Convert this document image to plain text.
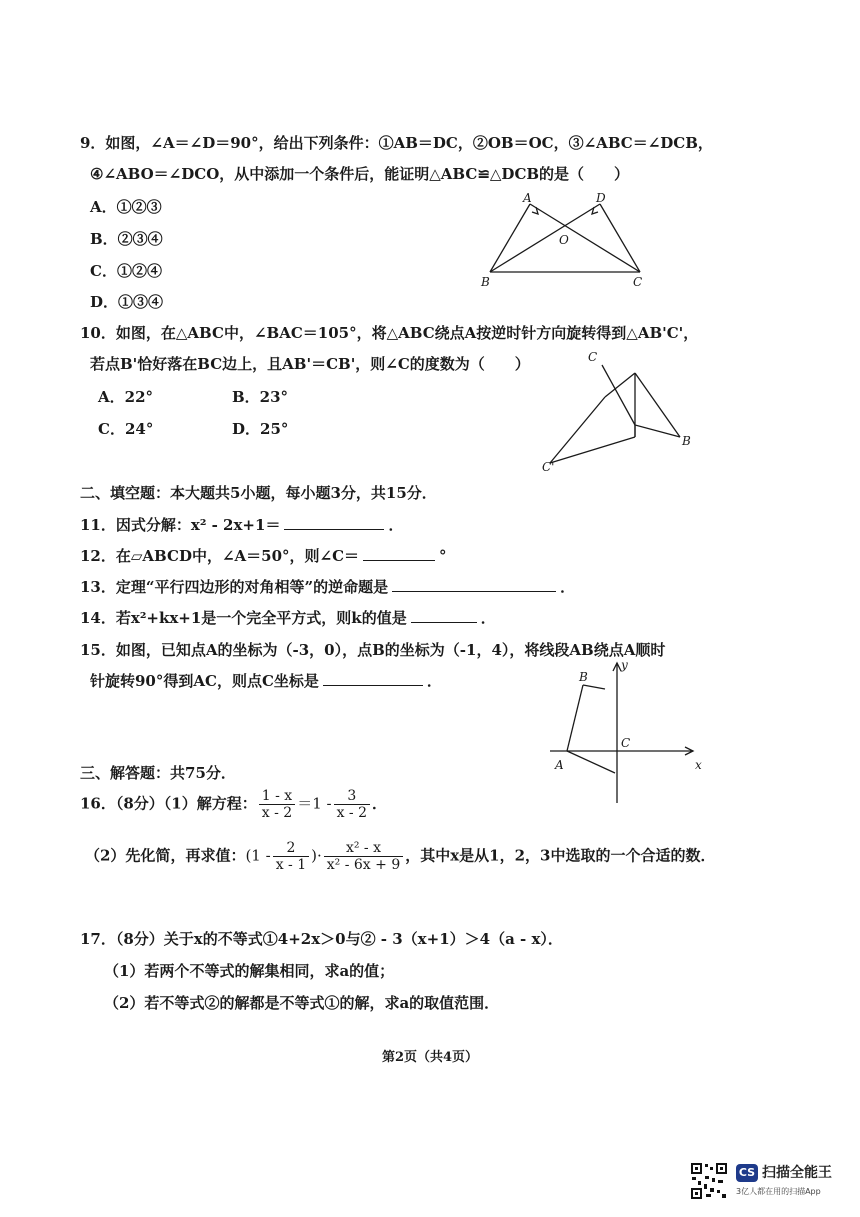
9．如图，∠A＝∠D＝90°，给出下列条件：①AB＝DC，②OB＝OC，③∠ABC＝∠DCB，
④∠ABO＝∠DCO，从中添加一个条件后，能证明△ABC≌△DCB的是（　　）
A．①②③
B．②③④
C．①②④
D．①③④
A	D
O
B	C
10．如图，在△ABC中，∠BAC＝105°，将△ABC绕点A按逆时针方向旋转得到△AB'C'，
若点B'恰好落在BC边上，且AB'＝CB'，则∠C的度数为（　　）
A．22°	B．23°
C．24°	D．25°
C
B
C'
二、填空题：本大题共5小题，每小题3分，共15分．
11．因式分解：x² - 2x+1＝	．
12．在▱ABCD中，∠A＝50°，则∠C＝	°
13．定理“平行四边形的对角相等”的逆命题是	．
14．若x²+kx+1是一个完全平方式，则k的值是	．
15．如图，已知点A的坐标为（-3，0），点B的坐标为（-1，4），将线段AB绕点A顺时
针旋转90°得到AC，则点C坐标是	．
y
B
C
A	x
三、解答题：共75分．
16．（8分）（1）解方程： $\frac{1 - x}{x - 2} =1 - \frac{3}{x - 2}$ ．
（2）先化简，再求值：($1 - \frac{2}{x - 1}$ )· $\frac{\text{x² - x}}{\text{x² - 6x + 9}}$ ，其中x是从1，2，3中选取的一个合适的数．
17．（8分）关于x的不等式①4+2x＞0与② - 3（x+1）＞4（a - x）．
（1）若两个不等式的解集相同，求a的值；
（2）若不等式②的解都是不等式①的解，求a的取值范围．
第2页（共4页）
CS 扫描全能王
3亿人都在用的扫描App
